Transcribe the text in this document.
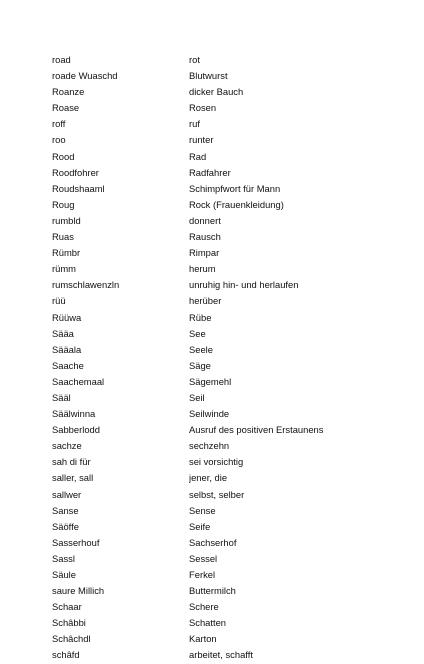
road	rot
roade Wuaschd	Blutwurst
Roanze	dicker Bauch
Roase	Rosen
roff	ruf
roo	runter
Rood	Rad
Roodfohrer	Radfahrer
Roudshaaml	Schimpfwort für Mann
Roug	Rock (Frauenkleidung)
rumbld	donnert
Ruas	Rausch
Rümbr	Rimpar
rümm	herum
rumschlawenzln	unruhig hin- und herlaufen
rüü	herüber
Rüüwa	Rübe
Sääa	See
Sääala	Seele
Saache	Säge
Saachemaal	Sägemehl
Sääl	Seil
Säälwinna	Seilwinde
Sabberlodd	Ausruf des positiven Erstaunens
sachze	sechzehn
sah di für	sei vorsichtig
saller, sall	jener, die
sallwer	selbst, selber
Sanse	Sense
Säöffe	Seife
Sasserhouf	Sachserhof
Sassl	Sessel
Säule	Ferkel
saure Millich	Buttermilch
Schaar	Schere
Schâbbi	Schatten
Schâchdl	Karton
schâfd	arbeitet, schafft
